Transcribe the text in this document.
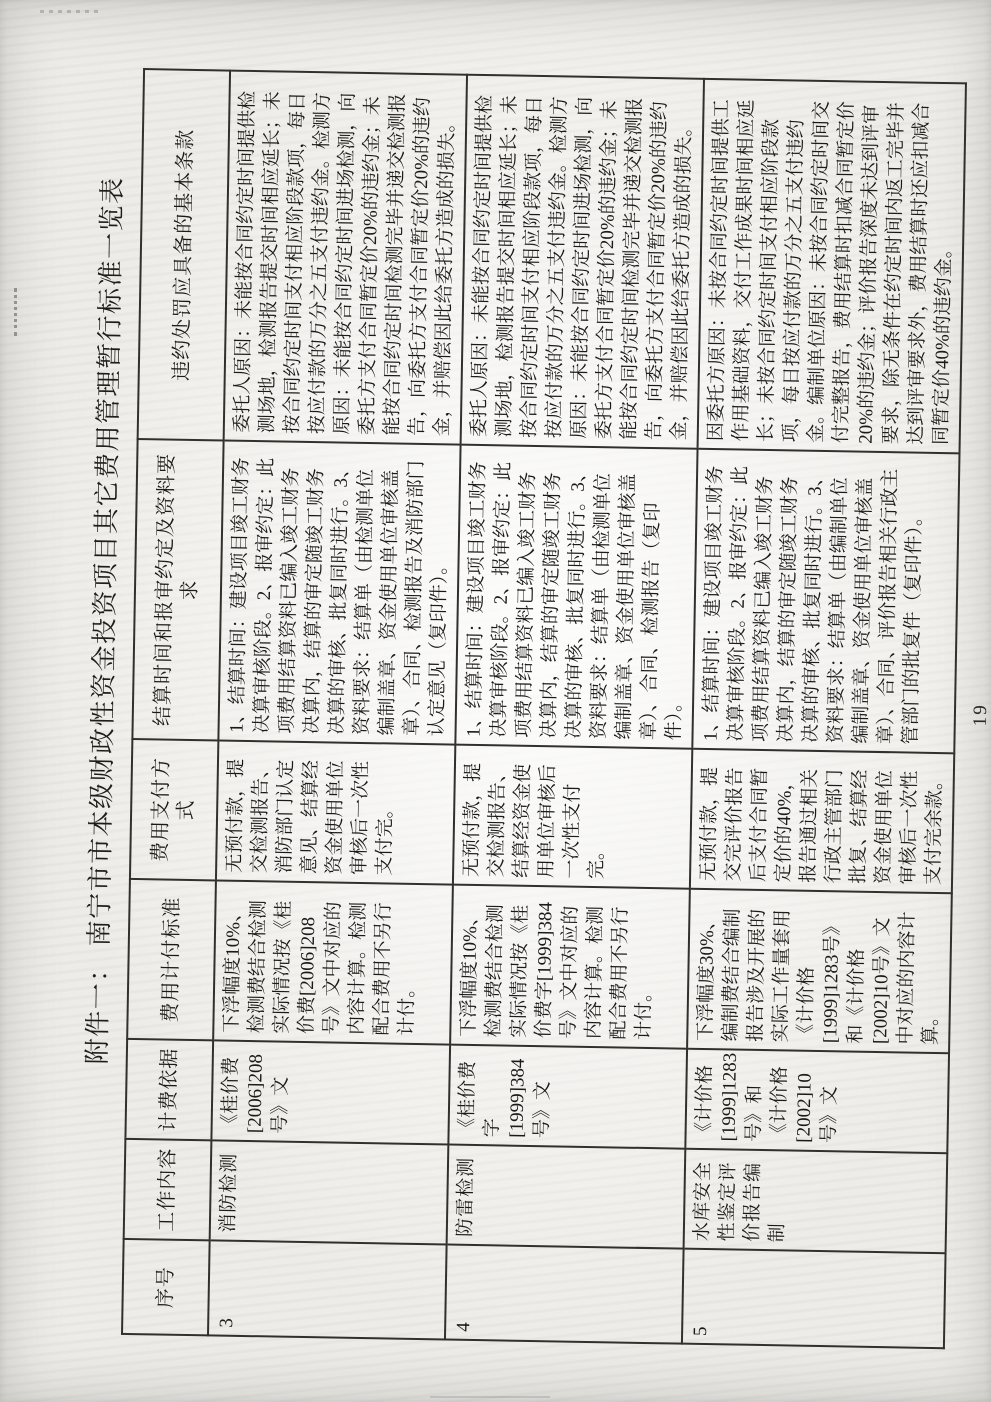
附件一： 南宁市市本级财政性资金投资项目其它费用管理暂行标准一览表
序号	工作内容	计费依据	费用计付标准	费用支付方式	结算时间和报审约定及资料要求	违约处罚应具备的基本条款
3	消防检测	《桂价费[2006]208号》文	下浮幅度10%、检测费结合检测实际情况按《桂价费[2006]208号》文中对应的内容计算。检测配合费用不另行计付。	无预付款，提交检测报告、消防部门认定意见、结算经资金使用单位审核后一次性支付完。	1、结算时间：建设项目竣工财务决算审核阶段。2、报审约定：此项费用结算资料已编入竣工财务决算内，结算的审定随竣工财务决算的审核、批复同时进行。3、资料要求：结算单（由检测单位编制盖章、资金使用单位审核盖章）、合同、检测报告及消防部门认定意见（复印件）。	委托人原因：未能按合同约定时间提供检测场地，检测报告提交时间相应延长；未按合同约定时间支付相应阶段款项，每日按应付款的万分之五支付违约金。检测方原因：未能按合同约定时间进场检测，向委托方支付合同暂定价20%的违约金；未能按合同约定时间检测完毕并递交检测报告，向委托方支付合同暂定价20%的违约金，并赔偿因此给委托方造成的损失。
4	防雷检测	《桂价费字[1999]384号》文	下浮幅度10%、检测费结合检测实际情况按《桂价费字[1999]384号》文中对应的内容计算。检测配合费用不另行计付。	无预付款，提交检测报告、结算经资金使用单位审核后一次性支付完。	1、结算时间：建设项目竣工财务决算审核阶段。2、报审约定：此项费用结算资料已编入竣工财务决算内，结算的审定随竣工财务决算的审核、批复同时进行。3、资料要求：结算单（由检测单位编制盖章、资金使用单位审核盖章）、合同、检测报告（复印件）。	委托人原因：未能按合同约定时间提供检测场地，检测报告提交时间相应延长；未按合同约定时间支付相应阶段款项，每日按应付款的万分之五支付违约金。检测方原因：未能按合同约定时间进场检测，向委托方支付合同暂定价20%的违约金；未能按合同约定时间检测完毕并递交检测报告，向委托方支付合同暂定价20%的违约金，并赔偿因此给委托方造成的损失。
5	水库安全性鉴定评价报告编制	《计价格[1999]1283号》和《计价格[2002]10号》文	下浮幅度30%、编制费结合编制报告涉及开展的实际工作量套用《计价格[1999]1283号》和《计价格[2002]10号》文中对应的内容计算。	无预付款，提交完评价报告后支付合同暂定价的40%，报告通过相关行政主管部门批复、结算经资金使用单位审核后一次性支付完余款。	1、结算时间：建设项目竣工财务决算审核阶段。2、报审约定：此项费用结算资料已编入竣工财务决算内，结算的审定随竣工财务决算的审核、批复同时进行。3、资料要求：结算单（由编制单位编制盖章、资金使用单位审核盖章）、合同、评价报告相关行政主管部门的批复件（复印件）。	因委托方原因：未按合同约定时间提供工作用基础资料，交付工作成果时间相应延长；未按合同约定时间支付相应阶段款项，每日按应付款的万分之五支付违约金。编制单位原因：未按合同约定时间交付完整报告，费用结算时扣减合同暂定价20%的违约金；评价报告深度未达到评审要求，除无条件在约定时间内返工完毕并达到评审要求外，费用结算时还应扣减合同暂定价40%的违约金。
19
